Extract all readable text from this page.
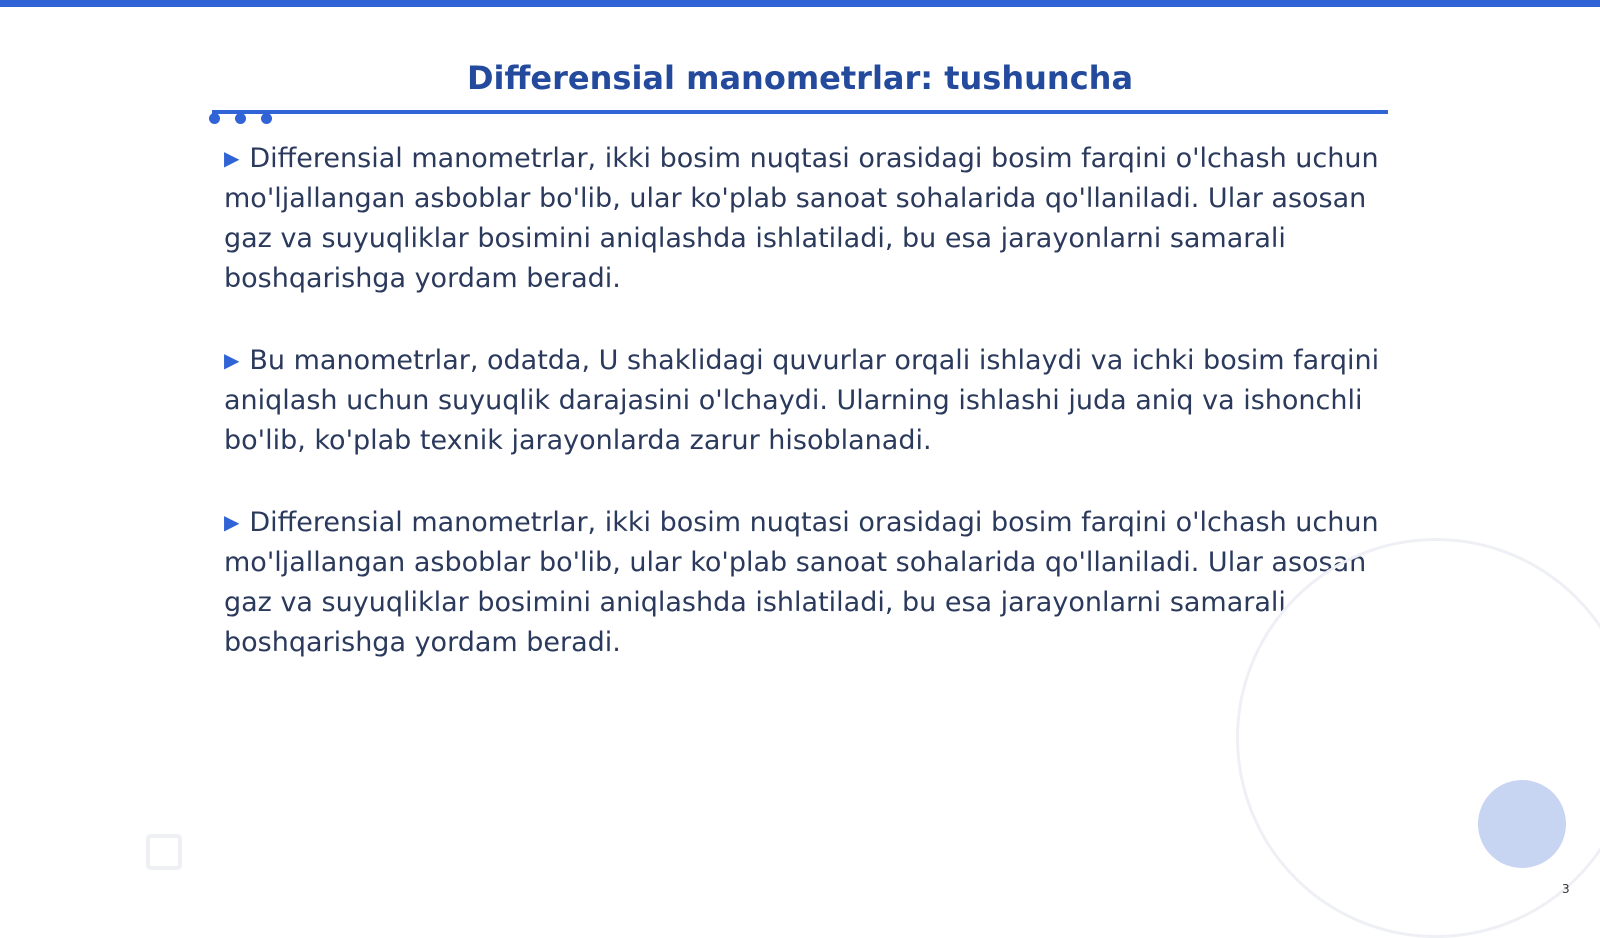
Differensial manometrlar: tushuncha

▶ Differensial manometrlar, ikki bosim nuqtasi orasidagi bosim farqini o'lchash uchun mo'ljallangan asboblar bo'lib, ular ko'plab sanoat sohalarida qo'llaniladi. Ular asosan gaz va suyuqliklar bosimini aniqlashda ishlatiladi, bu esa jarayonlarni samarali boshqarishga yordam beradi.

▶ Bu manometrlar, odatda, U shaklidagi quvurlar orqali ishlaydi va ichki bosim farqini aniqlash uchun suyuqlik darajasini o'lchaydi. Ularning ishlashi juda aniq va ishonchli bo'lib, ko'plab texnik jarayonlarda zarur hisoblanadi.

▶ Differensial manometrlar, ikki bosim nuqtasi orasidagi bosim farqini o'lchash uchun mo'ljallangan asboblar bo'lib, ular ko'plab sanoat sohalarida qo'llaniladi. Ular asosan gaz va suyuqliklar bosimini aniqlashda ishlatiladi, bu esa jarayonlarni samarali boshqarishga yordam beradi.

3
